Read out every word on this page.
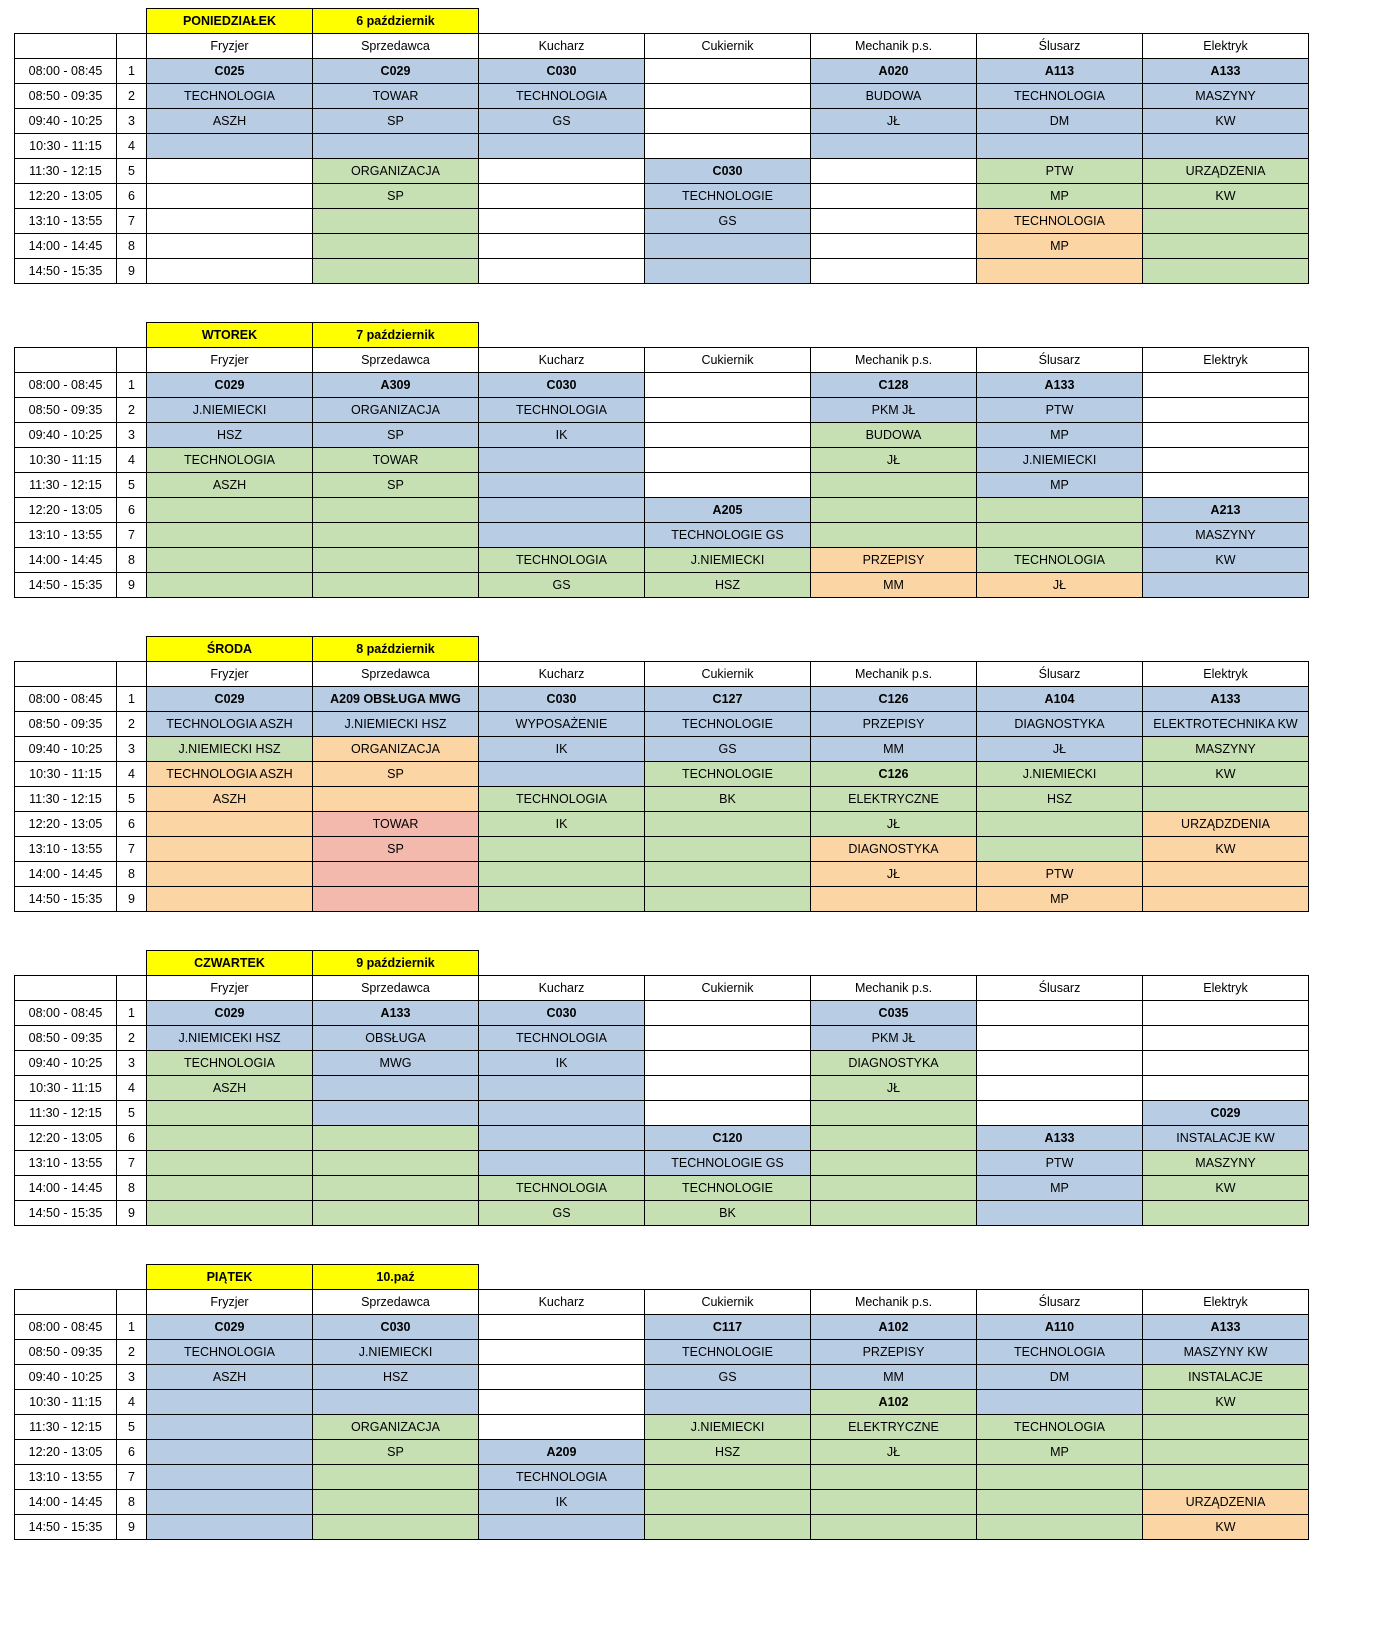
		PONIEDZIAŁEK	6 październik					
		Fryzjer	Sprzedawca	Kucharz	Cukiernik	Mechanik p.s.	Ślusarz	Elektryk
08:00 - 08:45	1	C025	C029	C030		A020	A113	A133
08:50 - 09:35	2	TECHNOLOGIA	TOWAR	TECHNOLOGIA		BUDOWA	TECHNOLOGIA	MASZYNY
09:40 - 10:25	3	ASZH	SP	GS		JŁ	DM	KW
10:30 - 11:15	4							
11:30 - 12:15	5		ORGANIZACJA		C030		PTW	URZĄDZENIA
12:20 - 13:05	6		SP		TECHNOLOGIE		MP	KW
13:10 - 13:55	7				GS		TECHNOLOGIA	
14:00 - 14:45	8						MP	
14:50 - 15:35	9							
		WTOREK	7 październik					
		Fryzjer	Sprzedawca	Kucharz	Cukiernik	Mechanik p.s.	Ślusarz	Elektryk
08:00 - 08:45	1	C029	A309	C030		C128	A133	
08:50 - 09:35	2	J.NIEMIECKI	ORGANIZACJA	TECHNOLOGIA		PKM JŁ	PTW	
09:40 - 10:25	3	HSZ	SP	IK		BUDOWA	MP	
10:30 - 11:15	4	TECHNOLOGIA	TOWAR			JŁ	J.NIEMIECKI	
11:30 - 12:15	5	ASZH	SP				MP	
12:20 - 13:05	6				A205			A213
13:10 - 13:55	7				TECHNOLOGIE GS			MASZYNY
14:00 - 14:45	8			TECHNOLOGIA	J.NIEMIECKI	PRZEPISY	TECHNOLOGIA	KW
14:50 - 15:35	9			GS	HSZ	MM	JŁ	
		ŚRODA	8 październik					
		Fryzjer	Sprzedawca	Kucharz	Cukiernik	Mechanik p.s.	Ślusarz	Elektryk
08:00 - 08:45	1	C029	A209 OBSŁUGA MWG	C030	C127	C126	A104	A133
08:50 - 09:35	2	TECHNOLOGIA ASZH	J.NIEMIECKI HSZ	WYPOSAŻENIE	TECHNOLOGIE	PRZEPISY	DIAGNOSTYKA	ELEKTROTECHNIKA KW
09:40 - 10:25	3	J.NIEMIECKI HSZ	ORGANIZACJA	IK	GS	MM	JŁ	MASZYNY
10:30 - 11:15	4	TECHNOLOGIA ASZH	SP		TECHNOLOGIE	C126	J.NIEMIECKI	KW
11:30 - 12:15	5	ASZH		TECHNOLOGIA	BK	ELEKTRYCZNE	HSZ	
12:20 - 13:05	6		TOWAR	IK		JŁ		URZĄDZDENIA
13:10 - 13:55	7		SP			DIAGNOSTYKA		KW
14:00 - 14:45	8					JŁ	PTW	
14:50 - 15:35	9						MP	
		CZWARTEK	9 październik					
		Fryzjer	Sprzedawca	Kucharz	Cukiernik	Mechanik p.s.	Ślusarz	Elektryk
08:00 - 08:45	1	C029	A133	C030		C035		
08:50 - 09:35	2	J.NIEMICEKI HSZ	OBSŁUGA	TECHNOLOGIA		PKM JŁ		
09:40 - 10:25	3	TECHNOLOGIA	MWG	IK		DIAGNOSTYKA		
10:30 - 11:15	4	ASZH				JŁ		
11:30 - 12:15	5							C029
12:20 - 13:05	6				C120		A133	INSTALACJE KW
13:10 - 13:55	7				TECHNOLOGIE GS		PTW	MASZYNY
14:00 - 14:45	8			TECHNOLOGIA	TECHNOLOGIE		MP	KW
14:50 - 15:35	9			GS	BK			
		PIĄTEK	10.paź					
		Fryzjer	Sprzedawca	Kucharz	Cukiernik	Mechanik p.s.	Ślusarz	Elektryk
08:00 - 08:45	1	C029	C030		C117	A102	A110	A133
08:50 - 09:35	2	TECHNOLOGIA	J.NIEMIECKI		TECHNOLOGIE	PRZEPISY	TECHNOLOGIA	MASZYNY KW
09:40 - 10:25	3	ASZH	HSZ		GS	MM	DM	INSTALACJE
10:30 - 11:15	4					A102		KW
11:30 - 12:15	5		ORGANIZACJA		J.NIEMIECKI	ELEKTRYCZNE	TECHNOLOGIA	
12:20 - 13:05	6		SP	A209	HSZ	JŁ	MP	
13:10 - 13:55	7			TECHNOLOGIA				
14:00 - 14:45	8			IK				URZĄDZENIA
14:50 - 15:35	9							KW
